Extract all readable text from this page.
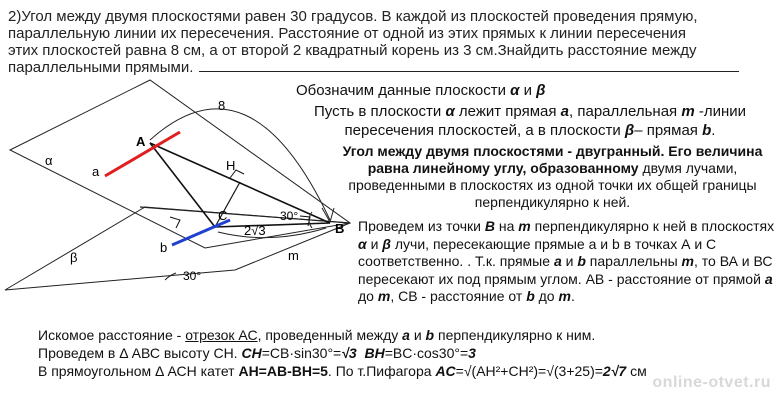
2)Угол между двумя плоскостями равен 30 градусов. В каждой из плоскостей проведения прямую,
параллельную линии их пересечения. Расстояние от одной из этих прямых к линии пересечения
этих плоскостей равна 8 см, а от второй 2 квадратный корень из 3 см.Знайдить расстояние между
параллельными прямыми.
8
A
a
α	H
C	30°
B
2√3
b
β
30°
m
Обозначим данные плоскости α и β
Пусть в плоскости α лежит прямая a, параллельная m -линии
пересечения плоскостей, а в плоскости β– прямая b.
Угол между двумя плоскостями - двугранный. Его величина
равна линейному углу, образованному двумя лучами,
проведенными в плоскостях из одной точки их общей границы
перпендикулярно к ней.
Проведем из точки B на m перпендикулярно к ней в плоскостях
α и β лучи, пересекающие прямые а и b в точках А и С
соответственно. . Т.к. прямые a и b параллельны m, то ВА и ВС
пересекают их под прямым углом. АВ - расстояние от прямой а
до m, СВ - расстояние от b до m.
Искомое расстояние - отрезок АС, проведенный между а и b перпендикулярно к ним.
Проведем в Δ АВС высоту СН. CH=CB·sin30°=√3 BH=BC·cos30°=3
В прямоугольном Δ АСН катет AH=AB-BH=5. По т.Пифагора AC=√(AH²+CH²)=√(3+25)=2√7 см
online-otvet.ru
